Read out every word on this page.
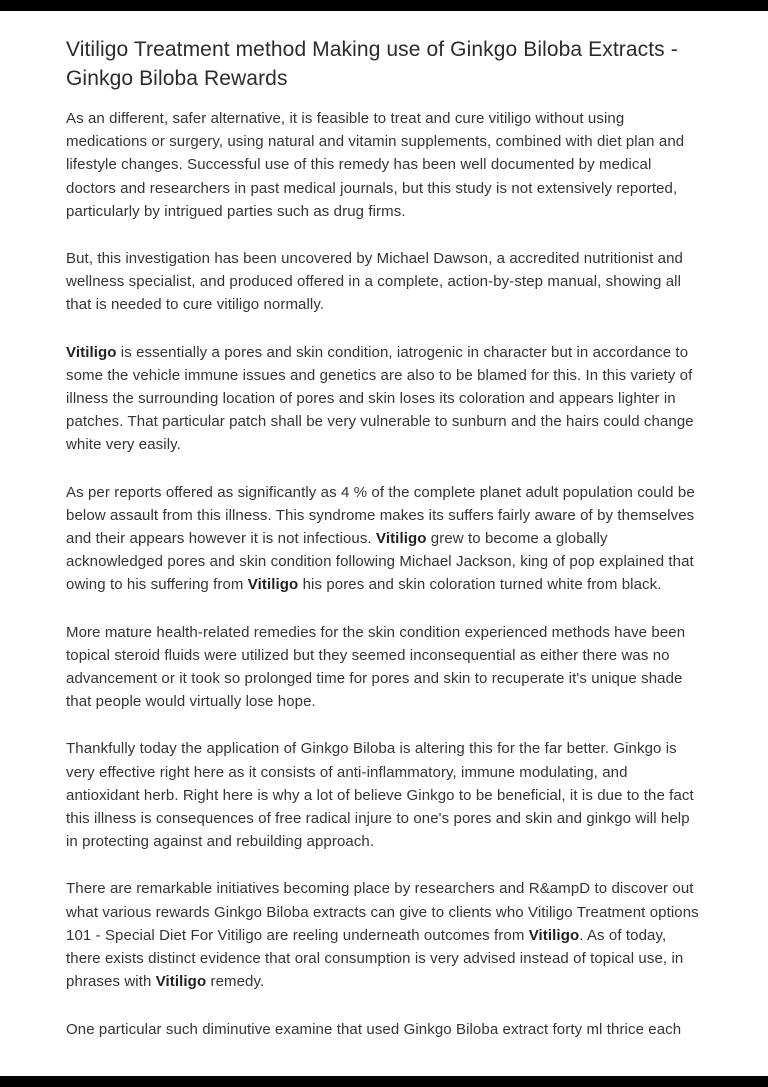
Vitiligo Treatment method Making use of Ginkgo Biloba Extracts - Ginkgo Biloba Rewards

As an different, safer alternative, it is feasible to treat and cure vitiligo without using medications or surgery, using natural and vitamin supplements, combined with diet plan and lifestyle changes. Successful use of this remedy has been well documented by medical doctors and researchers in past medical journals, but this study is not extensively reported, particularly by intrigued parties such as drug firms.

But, this investigation has been uncovered by Michael Dawson, a accredited nutritionist and wellness specialist, and produced offered in a complete, action-by-step manual, showing all that is needed to cure vitiligo normally.

Vitiligo is essentially a pores and skin condition, iatrogenic in character but in accordance to some the vehicle immune issues and genetics are also to be blamed for this. In this variety of illness the surrounding location of pores and skin loses its coloration and appears lighter in patches. That particular patch shall be very vulnerable to sunburn and the hairs could change white very easily.

As per reports offered as significantly as 4 % of the complete planet adult population could be below assault from this illness. This syndrome makes its suffers fairly aware of by themselves and their appears however it is not infectious. Vitiligo grew to become a globally acknowledged pores and skin condition following Michael Jackson, king of pop explained that owing to his suffering from Vitiligo his pores and skin coloration turned white from black.

More mature health-related remedies for the skin condition experienced methods have been topical steroid fluids were utilized but they seemed inconsequential as either there was no advancement or it took so prolonged time for pores and skin to recuperate it's unique shade that people would virtually lose hope.

Thankfully today the application of Ginkgo Biloba is altering this for the far better. Ginkgo is very effective right here as it consists of anti-inflammatory, immune modulating, and antioxidant herb. Right here is why a lot of believe Ginkgo to be beneficial, it is due to the fact this illness is consequences of free radical injure to one's pores and skin and ginkgo will help in protecting against and rebuilding approach.

There are remarkable initiatives becoming place by researchers and R&ampD to discover out what various rewards Ginkgo Biloba extracts can give to clients who Vitiligo Treatment options 101 - Special Diet For Vitiligo are reeling underneath outcomes from Vitiligo. As of today, there exists distinct evidence that oral consumption is very advised instead of topical use, in phrases with Vitiligo remedy.

One particular such diminutive examine that used Ginkgo Biloba extract forty ml thrice each
